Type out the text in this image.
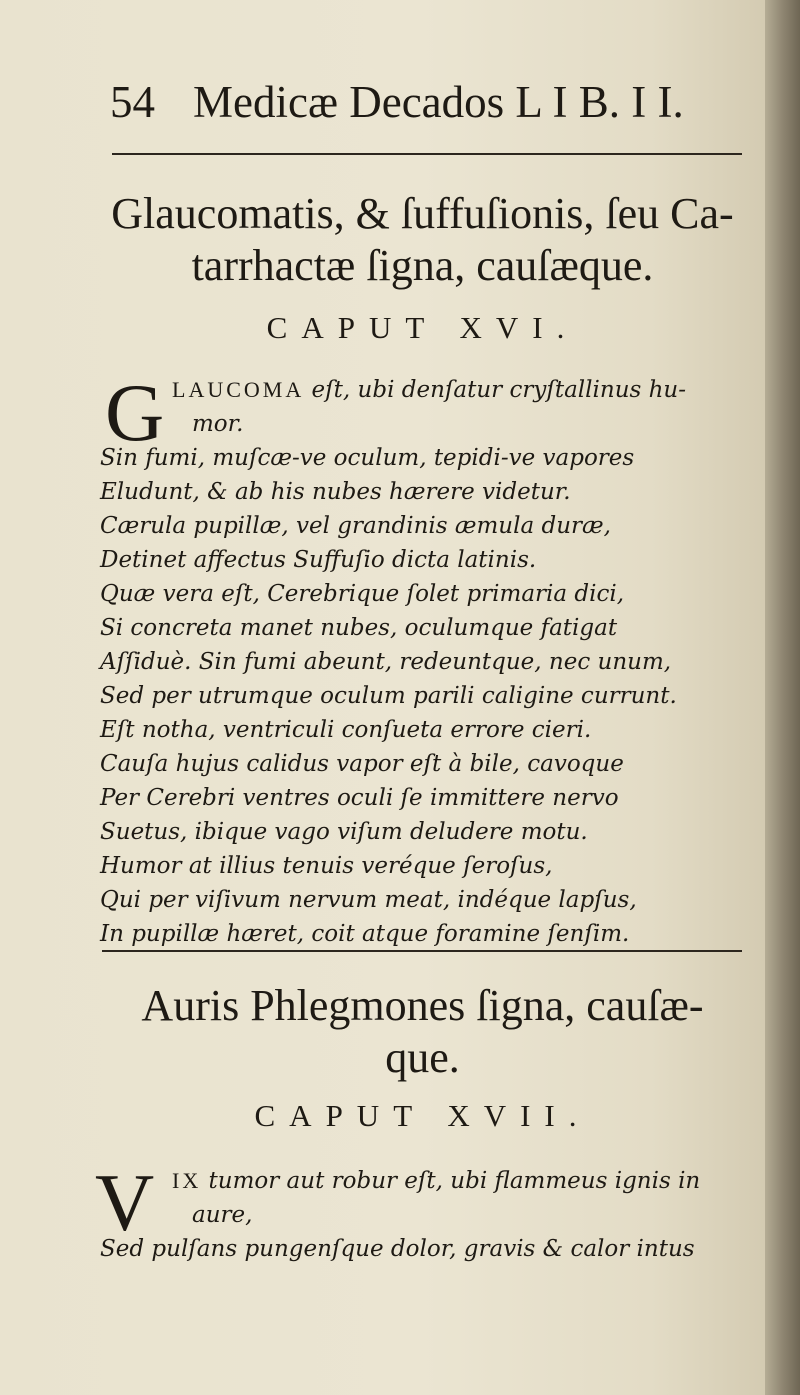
54 Medicæ Decados L I B. I I.
Glaucomatis, & ſuffuſionis, ſeu Ca-
tarrhactæ ſigna, cauſæque.
CAPUT XVI.
G LAUCOMA eſt, ubi denſatur cryſtallinus hu-
mor.
Sin fumi, muſcæ-ve oculum, tepidi-ve vapores
Eludunt, & ab his nubes hærere videtur.
Cærula pupillæ, vel grandinis æmula duræ,
Detinet affectus Suffuſio dicta latinis.
Quæ vera eſt, Cerebrique ſolet primaria dici,
Si concreta manet nubes, oculumque fatigat
Aſſiduè. Sin fumi abeunt, redeuntque, nec unum,
Sed per utrumque oculum parili caligine currunt.
Eſt notha, ventriculi conſueta errore cieri.
Cauſa hujus calidus vapor eſt à bile, cavoque
Per Cerebri ventres oculi ſe immittere nervo
Suetus, ibique vago viſum deludere motu.
Humor at illius tenuis veréque ſeroſus,
Qui per viſivum nervum meat, indéque lapſus,
In pupillæ hæret, coit atque foramine ſenſim.
Auris Phlegmones ſigna, cauſæ-
que.
CAPUT XVII.
V IX tumor aut robur eſt, ubi flammeus ignis in
aure,
Sed pulſans pungenſque dolor, gravis & calor intus
